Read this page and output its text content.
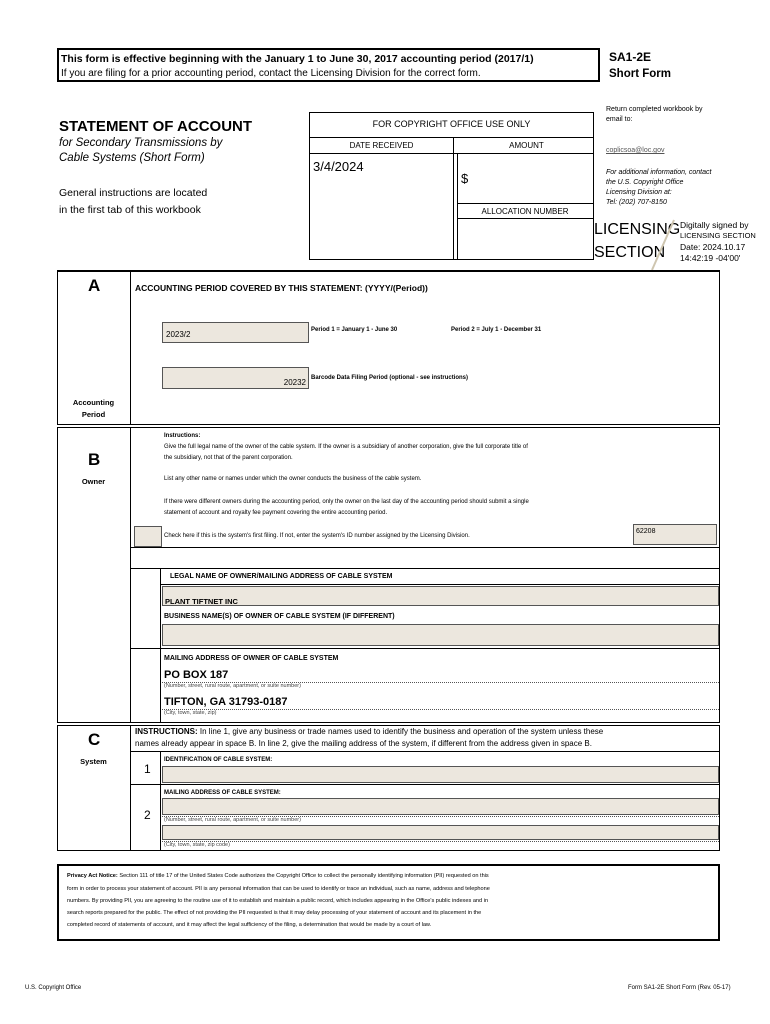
This form is effective beginning with the January 1 to June 30, 2017 accounting period (2017/1)
If you are filing for a prior accounting period, contact the Licensing Division for the correct form.
SA1-2E
Short Form
Return completed workbook by email to:
coplicsoa@loc.gov
For additional information, contact the U.S. Copyright Office Licensing Division at:
Tel: (202) 707-8150
STATEMENT OF ACCOUNT
for Secondary Transmissions by
Cable Systems (Short Form)
General instructions are located
in the first tab of this workbook
FOR COPYRIGHT OFFICE USE ONLY
DATE RECEIVED	AMOUNT
3/4/2024
$
ALLOCATION NUMBER
LICENSING
SECTION
Digitally signed by
LICENSING SECTION
Date: 2024.10.17
14:42:19 -04'00'
A
Accounting
Period
ACCOUNTING PERIOD COVERED BY THIS STATEMENT: (YYYY/(Period))
2023/2	Period 1 = January 1 - June 30	Period 2 = July 1 - December 31
20232 Barcode Data Filing Period (optional - see instructions)
B
Owner
Instructions:
Give the full legal name of the owner of the cable system. If the owner is a subsidiary of another corporation, give the full corporate title of
the subsidiary, not that of the parent corporation.
List any other name or names under which the owner conducts the business of the cable system.
If there were different owners during the accounting period, only the owner on the last day of the accounting period should submit a single
statement of account and royalty fee payment covering the entire accounting period.
Check here if this is the system's first filing. If not, enter the system's ID number assigned by the Licensing Division.
62208
LEGAL NAME OF OWNER/MAILING ADDRESS OF CABLE SYSTEM
PLANT TIFTNET INC
BUSINESS NAME(S) OF OWNER OF CABLE SYSTEM (IF DIFFERENT)
MAILING ADDRESS OF OWNER OF CABLE SYSTEM
PO BOX 187
(Number, street, rural route, apartment, or suite number)
TIFTON, GA 31793-0187
(City, town, state, zip)
C
System
INSTRUCTIONS: In line 1, give any business or trade names used to identify the business and operation of the system unless these
names already appear in space B. In line 2, give the mailing address of the system, if different from the address given in space B.
1
IDENTIFICATION OF CABLE SYSTEM:
MAILING ADDRESS OF CABLE SYSTEM:
2 (Number, street, rural route, apartment, or suite number)
(City, town, state, zip code)
Privacy Act Notice: Section 111 of title 17 of the United States Code authorizes the Copyright Office to collect the personally identifying information (PII) requested on this
form in order to process your statement of account. PII is any personal information that can be used to identify or trace an individual, such as name, address and telephone
numbers. By providing PII, you are agreeing to the routine use of it to establish and maintain a public record, which includes appearing in the Office's public indexes and in
search reports prepared for the public. The effect of not providing the PII requested is that it may delay processing of your statement of account and its placement in the
completed record of statements of account, and it may affect the legal sufficiency of the filing, a determination that would be made by a court of law.
U.S. Copyright Office	Form SA1-2E Short Form (Rev. 05-17)
